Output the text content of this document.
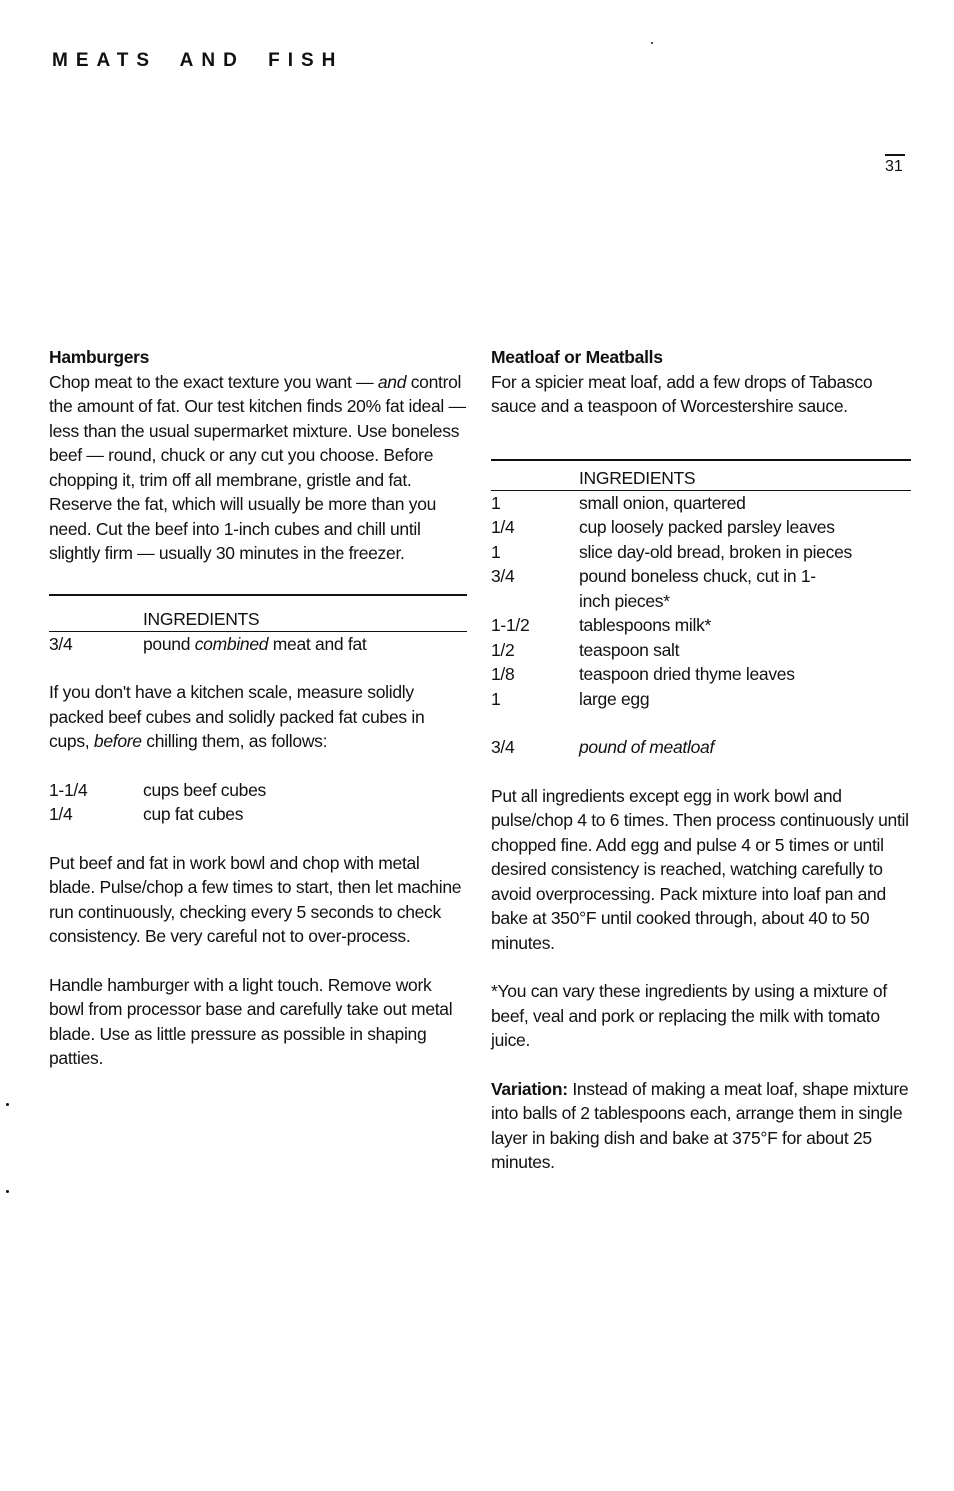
MEATS AND FISH
31
Hamburgers

Chop meat to the exact texture you want — and control the amount of fat. Our test kitchen finds 20% fat ideal — less than the usual supermarket mixture. Use boneless beef — round, chuck or any cut you choose. Before chopping it, trim off all membrane, gristle and fat. Reserve the fat, which will usually be more than you need. Cut the beef into 1-inch cubes and chill until slightly firm — usually 30 minutes in the freezer.

INGREDIENTS
3/4	pound combined meat and fat

If you don't have a kitchen scale, measure solidly packed beef cubes and solidly packed fat cubes in cups, before chilling them, as follows:

1-1/4	cups beef cubes
1/4	cup fat cubes

Put beef and fat in work bowl and chop with metal blade. Pulse/chop a few times to start, then let machine run continuously, checking every 5 seconds to check consistency. Be very careful not to over-process.

Handle hamburger with a light touch. Remove work bowl from processor base and carefully take out metal blade. Use as little pressure as possible in shaping patties.

Meatloaf or Meatballs

For a spicier meat loaf, add a few drops of Tabasco sauce and a teaspoon of Worcestershire sauce.

INGREDIENTS
1	small onion, quartered
1/4	cup loosely packed parsley leaves
1	slice day-old bread, broken in pieces
3/4	pound boneless chuck, cut in 1-inch pieces*
1-1/2	tablespoons milk*
1/2	teaspoon salt
1/8	teaspoon dried thyme leaves
1	large egg
3/4	pound of meatloaf

Put all ingredients except egg in work bowl and pulse/chop 4 to 6 times. Then process continuously until chopped fine. Add egg and pulse 4 or 5 times or until desired consistency is reached, watching carefully to avoid overprocessing. Pack mixture into loaf pan and bake at 350°F until cooked through, about 40 to 50 minutes.

*You can vary these ingredients by using a mixture of beef, veal and pork or replacing the milk with tomato juice.

Variation: Instead of making a meat loaf, shape mixture into balls of 2 tablespoons each, arrange them in single layer in baking dish and bake at 375°F for about 25 minutes.
